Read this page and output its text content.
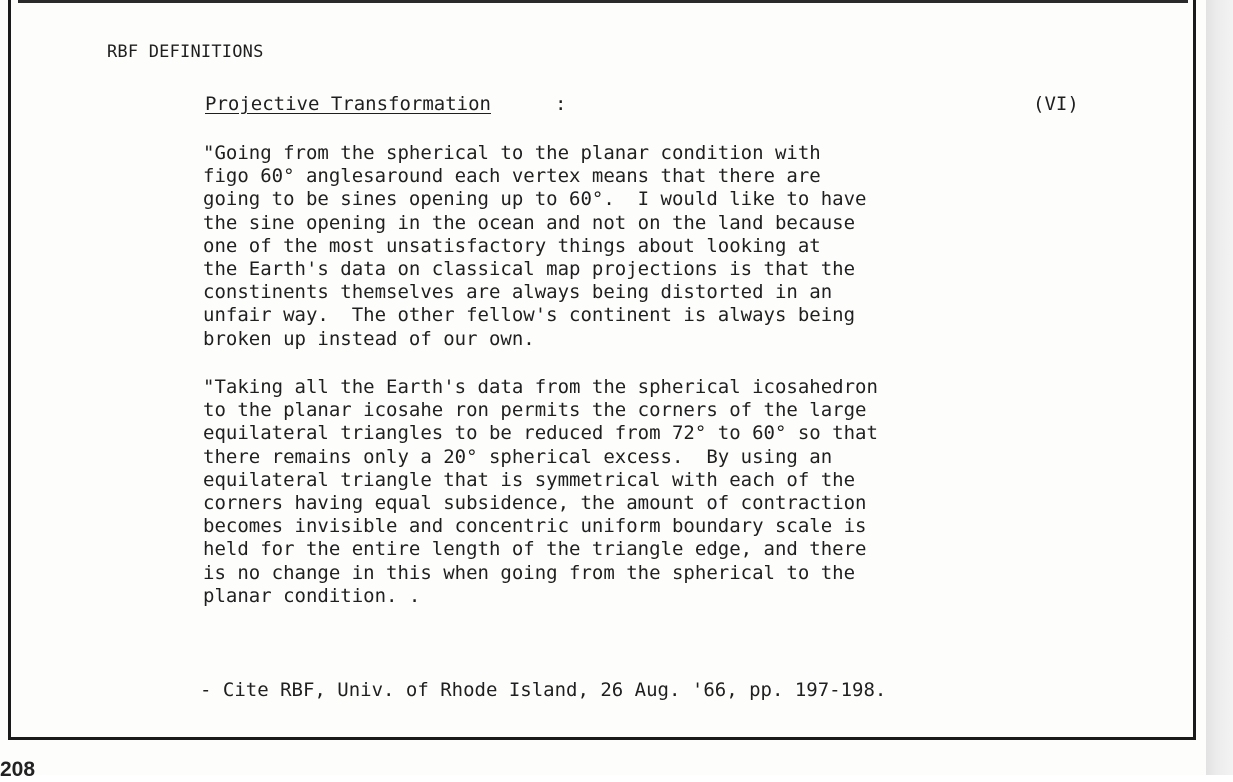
RBF DEFINITIONS
Projective Transformation	:	(VI)
"Going from the spherical to the planar condition with
figo 60° anglesaround each vertex means that there are
going to be sines opening up to 60°.  I would like to have
the sine opening in the ocean and not on the land because
one of the most unsatisfactory things about looking at
the Earth's data on classical map projections is that the
constinents themselves are always being distorted in an
unfair way.  The other fellow's continent is always being
broken up instead of our own.
"Taking all the Earth's data from the spherical icosahedron
to the planar icosahe ron permits the corners of the large
equilateral triangles to be reduced from 72° to 60° so that
there remains only a 20° spherical excess.  By using an
equilateral triangle that is symmetrical with each of the
corners having equal subsidence, the amount of contraction
becomes invisible and concentric uniform boundary scale is
held for the entire length of the triangle edge, and there
is no change in this when going from the spherical to the
planar condition. .
- Cite RBF, Univ. of Rhode Island, 26 Aug. '66, pp. 197-198.
208
